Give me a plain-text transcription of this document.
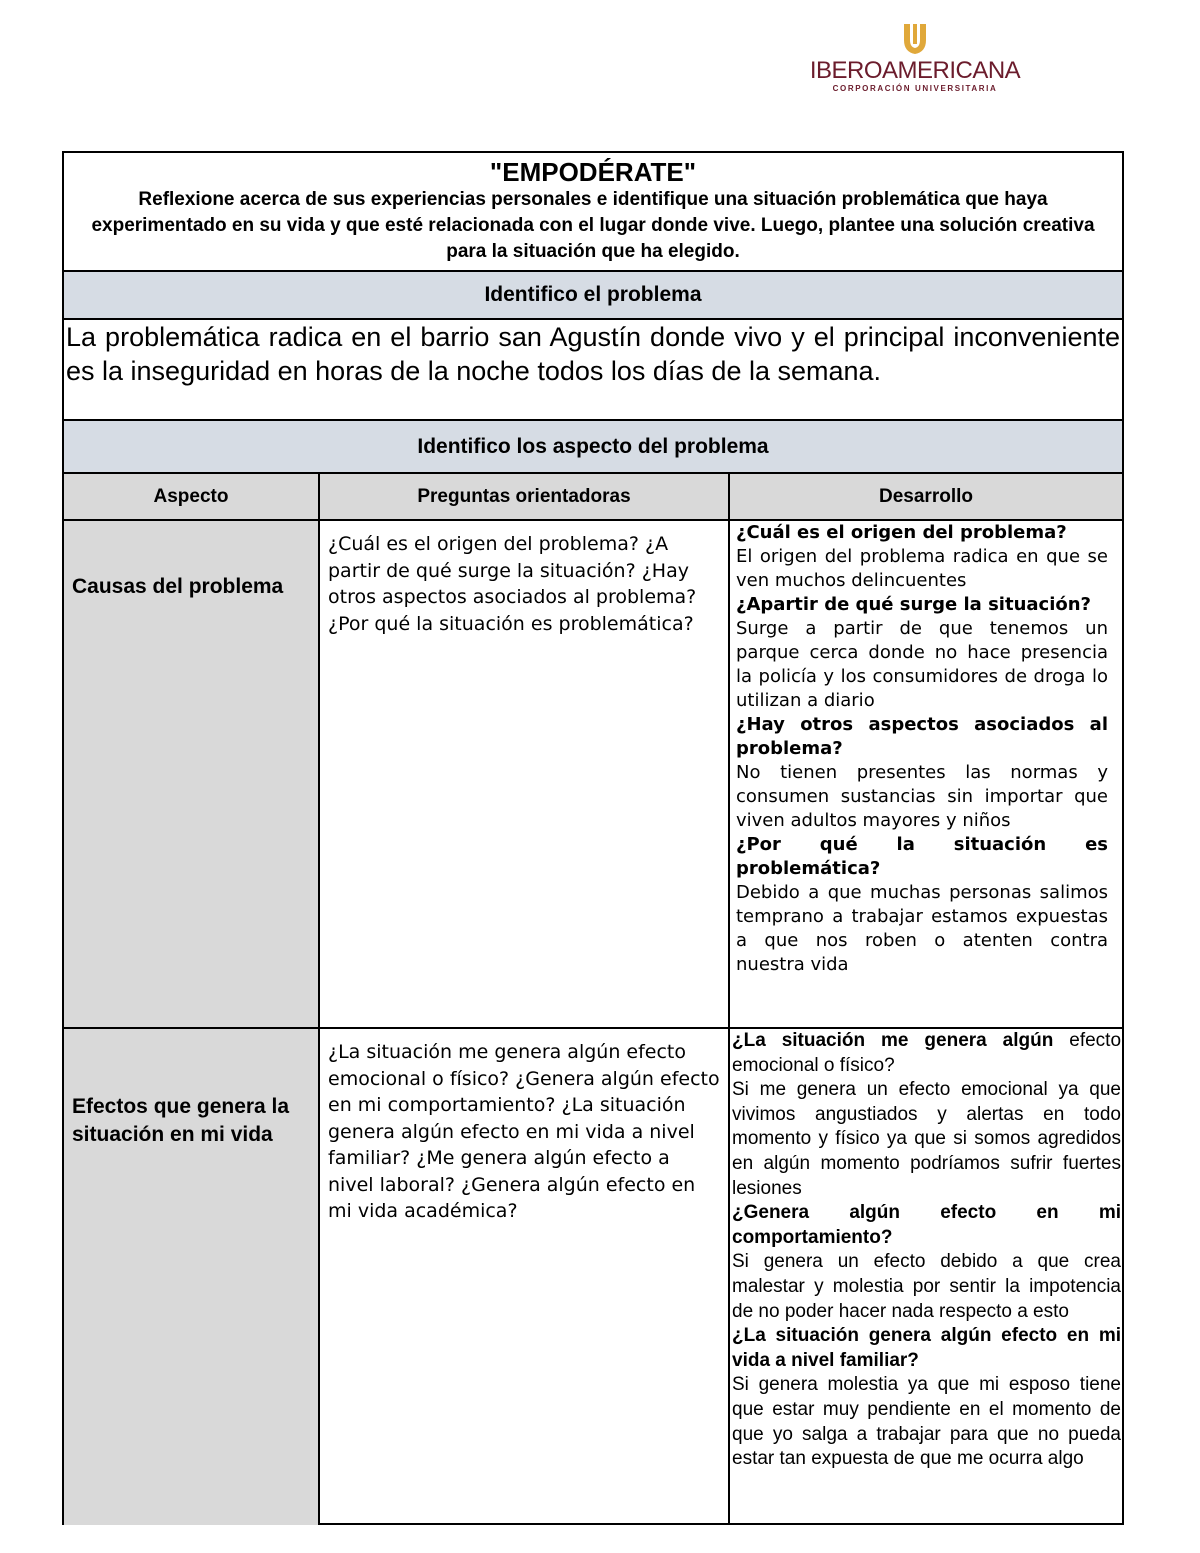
IBEROAMERICANA
CORPORACIÓN UNIVERSITARIA
"EMPODÉRATE"
Reflexione acerca de sus experiencias personales e identifique una situación problemática que haya experimentado en su vida y que esté relacionada con el lugar donde vive. Luego, plantee una solución creativa para la situación que ha elegido.
Identifico el problema
La problemática radica en el barrio san Agustín donde vivo y el principal inconveniente es la inseguridad en horas de la noche todos los días de la semana.
Identifico los aspecto del problema
Aspecto	Preguntas orientadoras	Desarrollo
Causas del problema
¿Cuál es el origen del problema? ¿A partir de qué surge la situación? ¿Hay otros aspectos asociados al problema? ¿Por qué la situación es problemática?

¿Cuál es el origen del problema?

El origen del problema radica en que se ven muchos delincuentes

¿Apartir de qué surge la situación?

Surge a partir de que tenemos un parque cerca donde no hace presencia la policía y los consumidores de droga lo utilizan a diario

¿Hay otros aspectos asociados al problema?

No tienen presentes las normas y consumen sustancias sin importar que viven adultos mayores y niños

¿Por qué la situación es problemática?

Debido a que muchas personas salimos temprano a trabajar estamos expuestas a que nos roben o atenten contra nuestra vida

Efectos que genera la situación en mi vida
¿La situación me genera algún efecto emocional o físico? ¿Genera algún efecto en mi comportamiento? ¿La situación genera algún efecto en mi vida a nivel familiar? ¿Me genera algún efecto a nivel laboral? ¿Genera algún efecto en mi vida académica?

¿La situación me genera algún efecto emocional o físico?

Si me genera un efecto emocional ya que vivimos angustiados y alertas en todo momento y físico ya que si somos agredidos en algún momento podríamos sufrir fuertes lesiones

¿Genera algún efecto en mi comportamiento?

Si genera un efecto debido a que crea malestar y molestia por sentir la impotencia de no poder hacer nada respecto a esto

¿La situación genera algún efecto en mi vida a nivel familiar?

Si genera molestia ya que mi esposo tiene que estar muy pendiente en el momento de que yo salga a trabajar para que no pueda estar tan expuesta de que me ocurra algo
